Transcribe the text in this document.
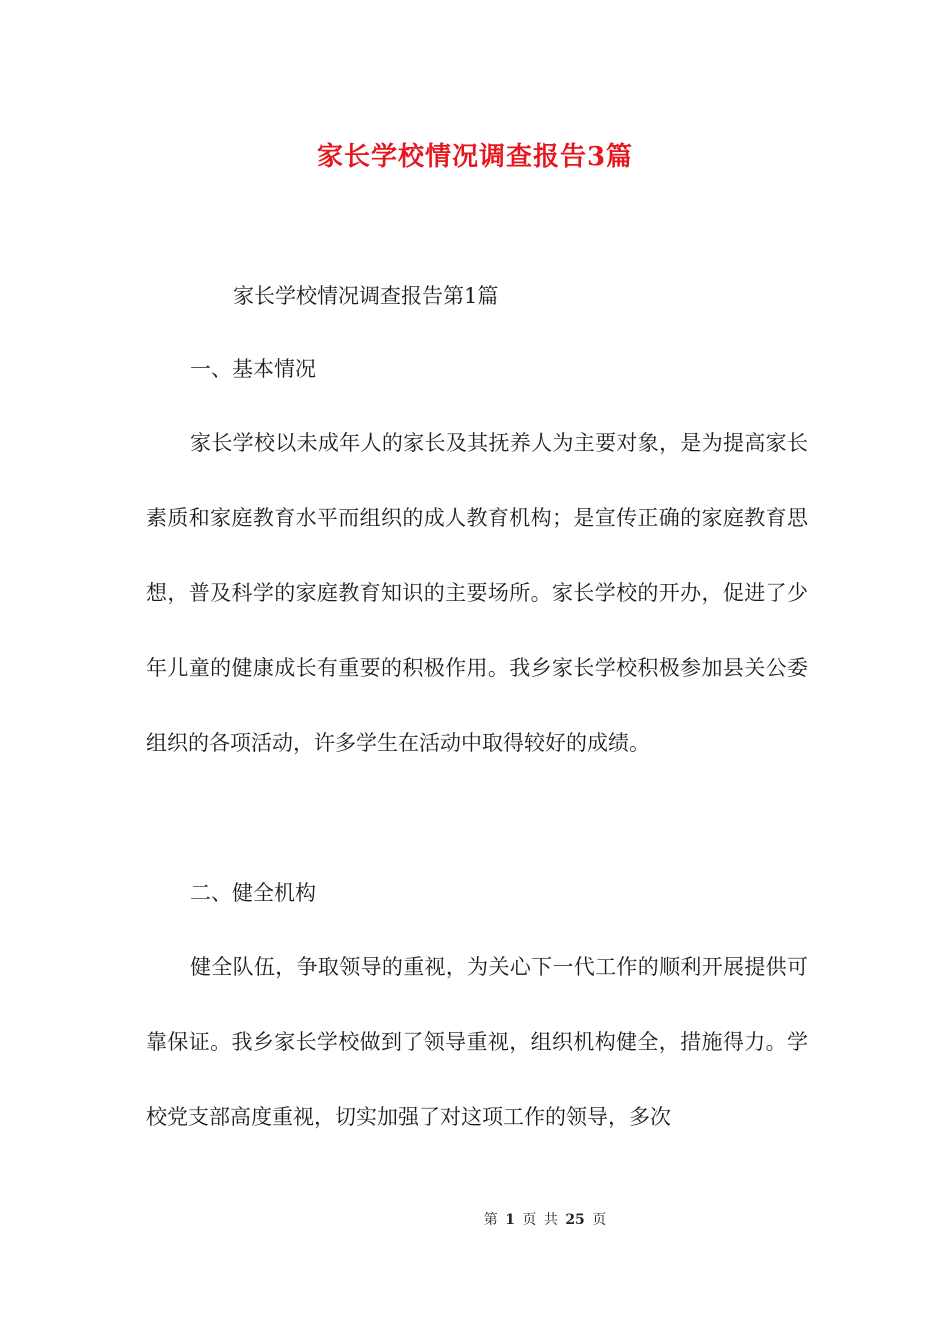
家长学校情况调查报告3篇

家长学校情况调查报告第1篇

一、基本情况

家长学校以未成年人的家长及其抚养人为主要对象，是为提高家长素质和家庭教育水平而组织的成人教育机构；是宣传正确的家庭教育思想，普及科学的家庭教育知识的主要场所。家长学校的开办，促进了少年儿童的健康成长有重要的积极作用。我乡家长学校积极参加县关公委组织的各项活动，许多学生在活动中取得较好的成绩。

二、健全机构

健全队伍，争取领导的重视，为关心下一代工作的顺利开展提供可靠保证。我乡家长学校做到了领导重视，组织机构健全，措施得力。学校党支部高度重视，切实加强了对这项工作的领导，多次

第 1 页 共 25 页
